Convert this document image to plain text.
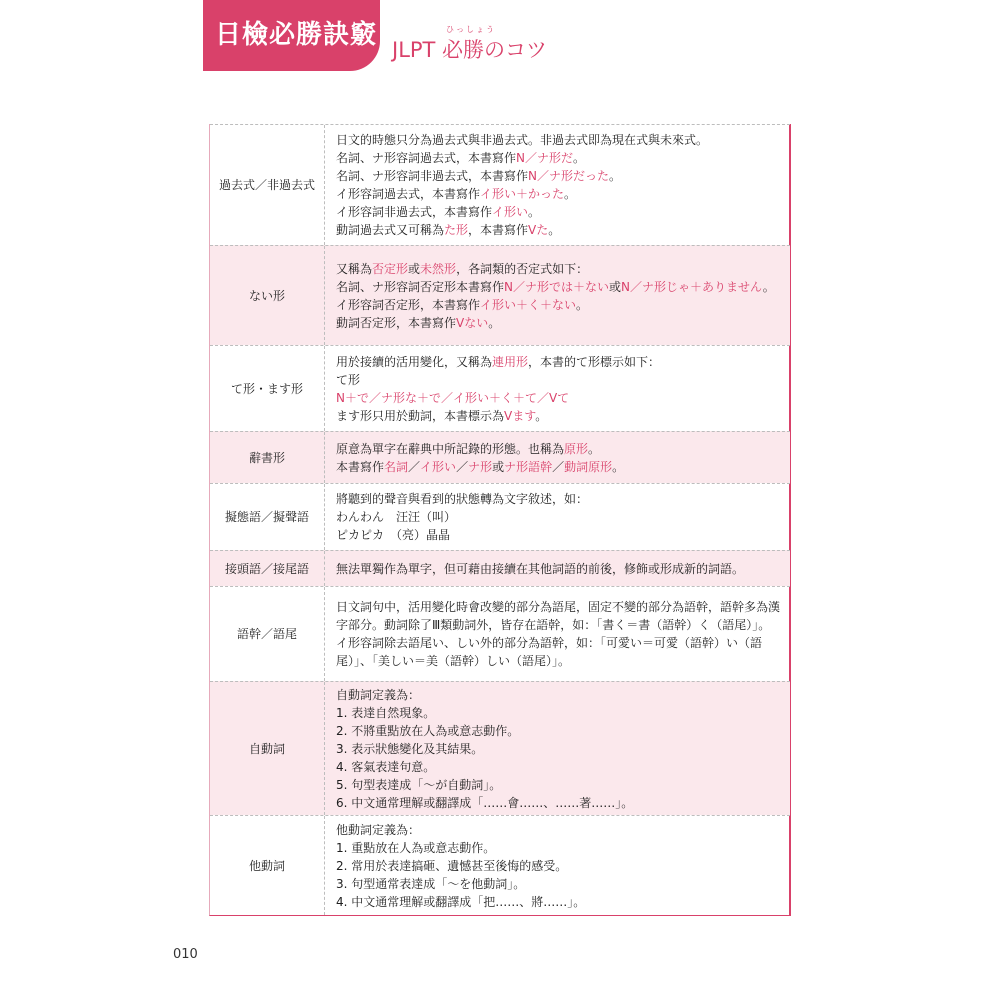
日檢必勝訣竅	ひっしょう
JLPT 必勝のコツ
過去式／非過去式
日文的時態只分為過去式與非過去式。非過去式即為現在式與未來式。
名詞、ナ形容詞過去式，本書寫作N／ナ形だ。
名詞、ナ形容詞非過去式，本書寫作N／ナ形だった。
イ形容詞過去式，本書寫作イ形い＋かった。
イ形容詞非過去式，本書寫作イ形い。
動詞過去式又可稱為た形，本書寫作Vた。
ない形
又稱為否定形或未然形，各詞類的否定式如下：
名詞、ナ形容詞否定形本書寫作N／ナ形では＋ない或N／ナ形じゃ＋ありません。
イ形容詞否定形，本書寫作イ形い＋く＋ない。
動詞否定形，本書寫作Vない。
て形・ます形
用於接續的活用變化，又稱為連用形，本書的て形標示如下：
て形
N＋で／ナ形な＋で／イ形い＋く＋て／Vて
ます形只用於動詞，本書標示為Vます。
辭書形
原意為單字在辭典中所記錄的形態。也稱為原形。
本書寫作名詞／イ形い／ナ形或ナ形語幹／動詞原形。
擬態語／擬聲語
將聽到的聲音與看到的狀態轉為文字敘述，如：
わんわん　汪汪（叫）
ピカピカ　（亮）晶晶
接頭語／接尾語	無法單獨作為單字，但可藉由接續在其他詞語的前後，修飾或形成新的詞語。
語幹／語尾
日文詞句中，活用變化時會改變的部分為語尾，固定不變的部分為語幹，語幹多為漢字部分。動詞除了Ⅲ類動詞外，皆存在語幹，如：「書く＝書（語幹）く（語尾）」。イ形容詞除去語尾い、しい外的部分為語幹，如：「可愛い＝可愛（語幹）い（語尾）」、「美しい＝美（語幹）しい（語尾）」。
自動詞
自動詞定義為：
1. 表達自然現象。
2. 不將重點放在人為或意志動作。
3. 表示狀態變化及其結果。
4. 客氣表達句意。
5. 句型表達成「～が自動詞」。
6. 中文通常理解或翻譯成「……會……、……著……」。
他動詞
他動詞定義為：
1. 重點放在人為或意志動作。
2. 常用於表達搞砸、遺憾甚至後悔的感受。
3. 句型通常表達成「～を他動詞」。
4. 中文通常理解或翻譯成「把……、將……」。
010
